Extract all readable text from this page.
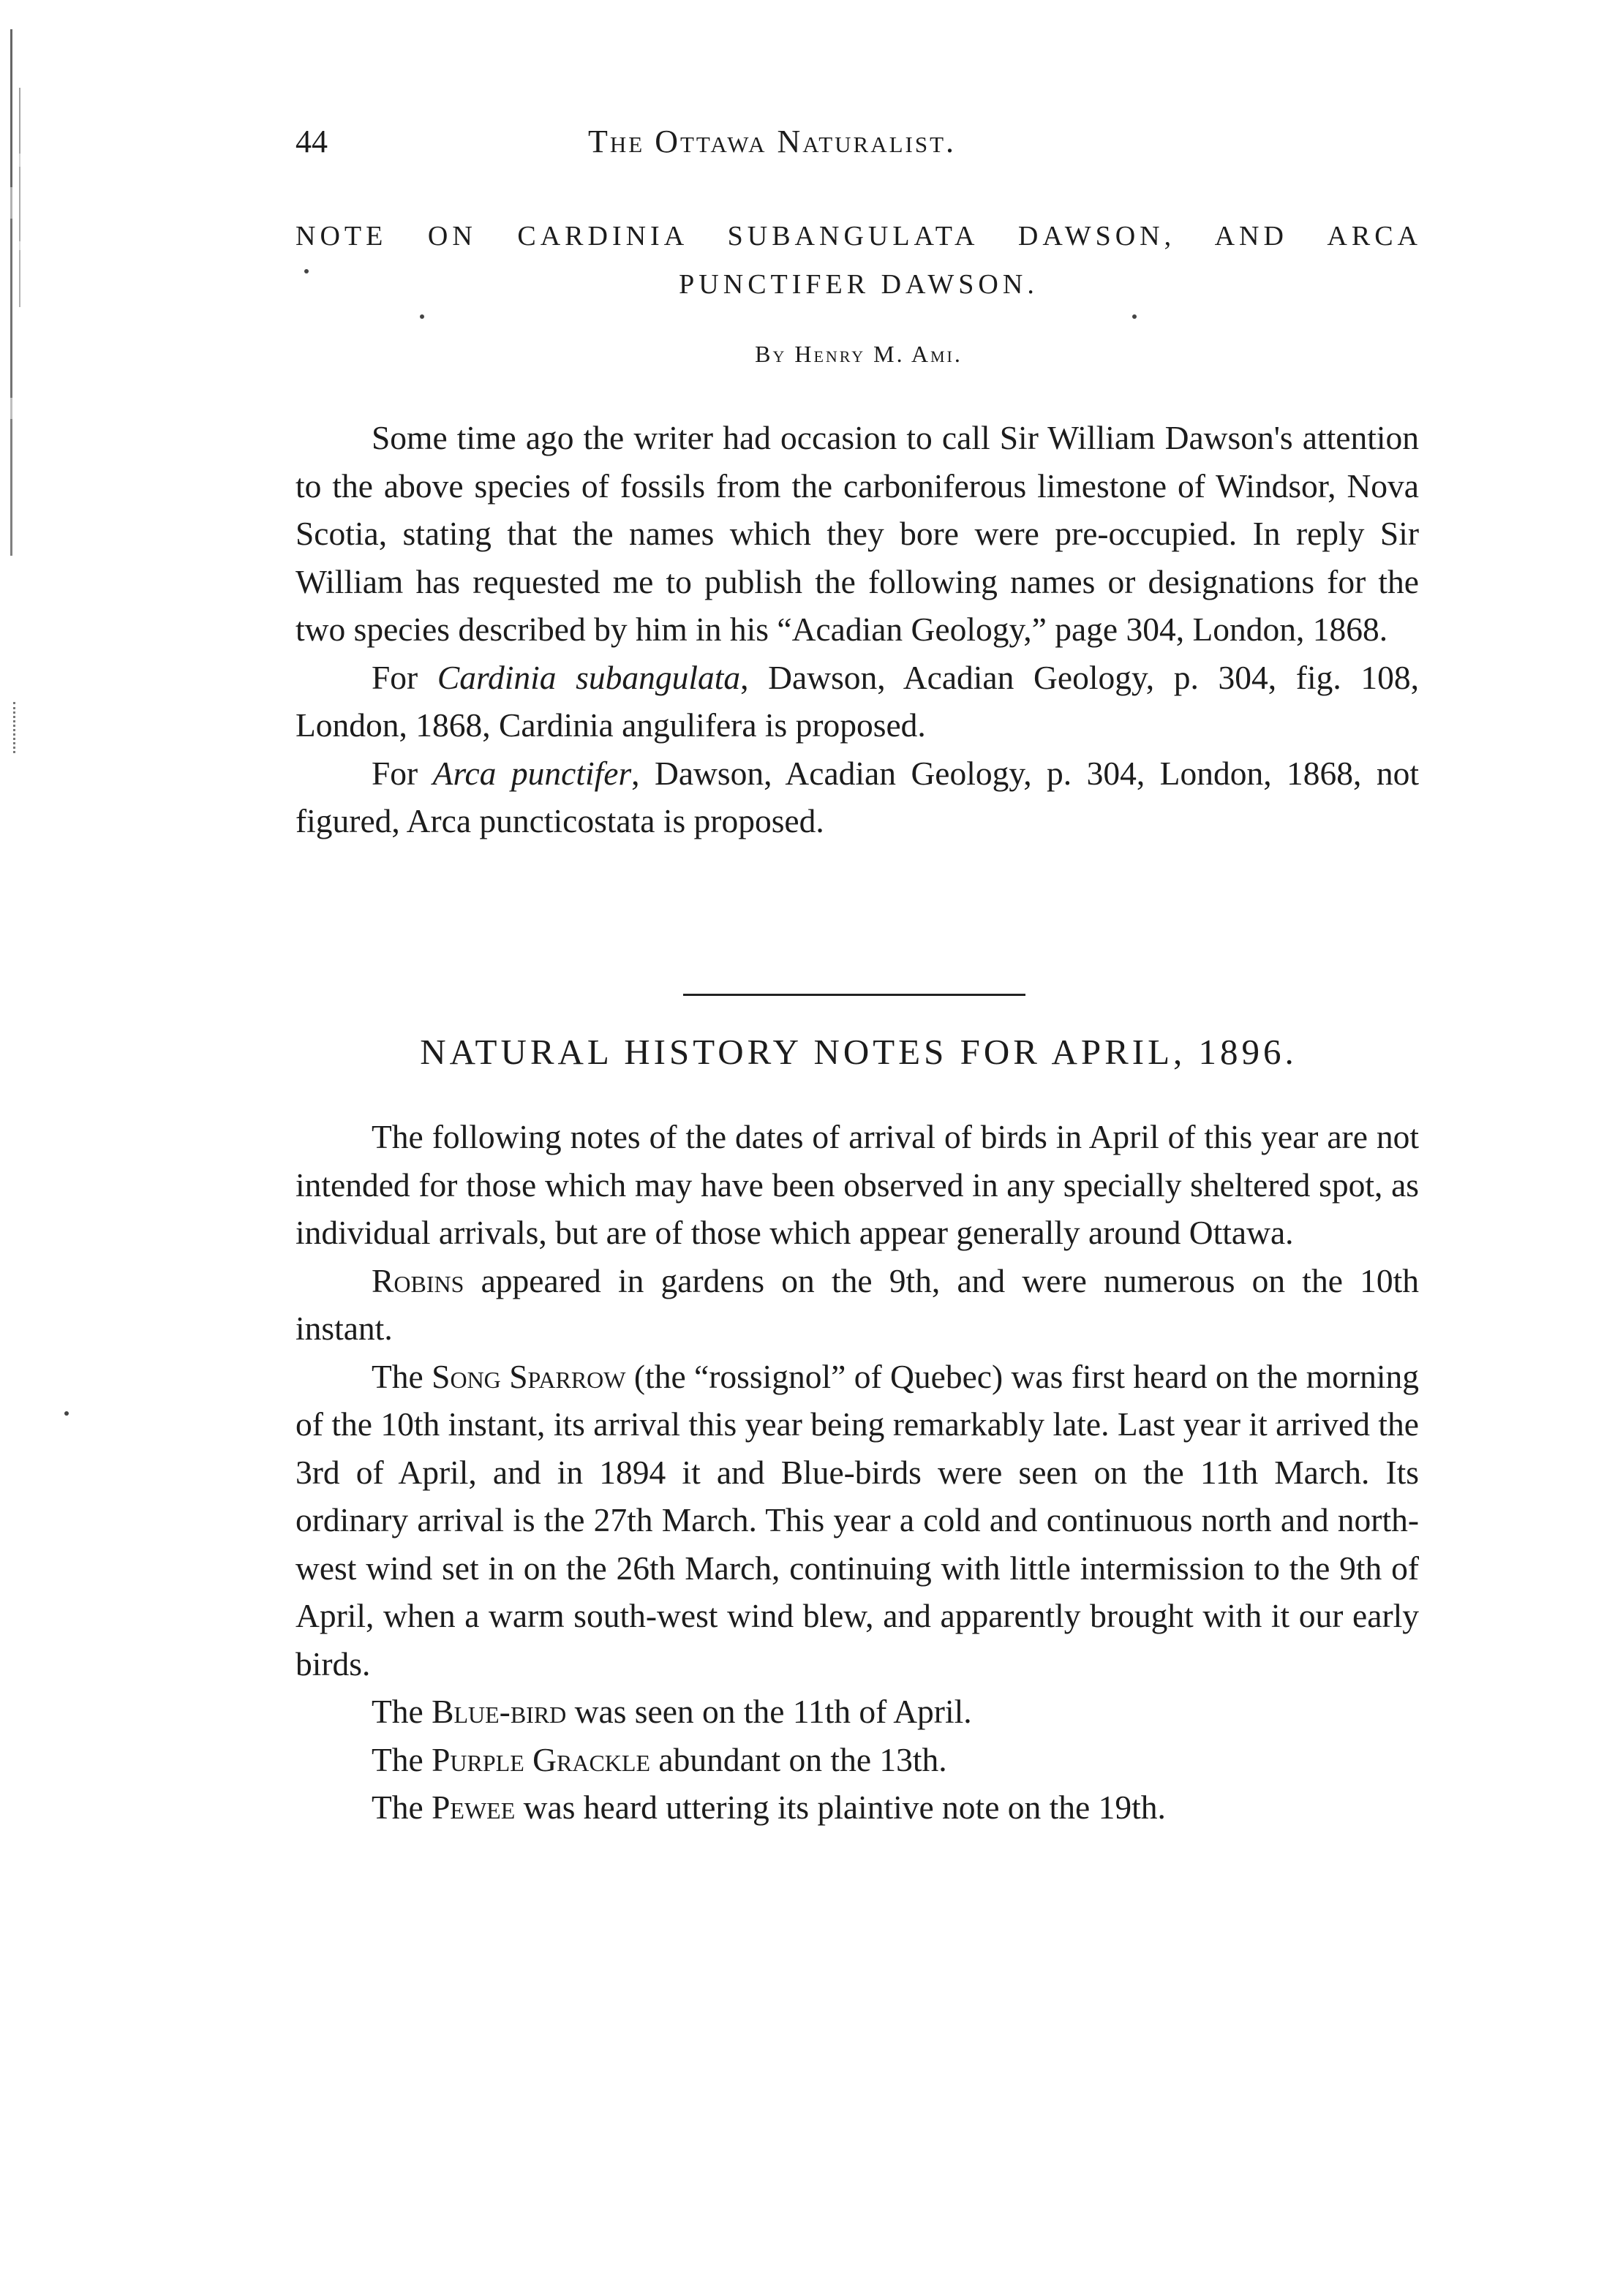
44	The Ottawa Naturalist.
NOTE ON CARDINIA SUBANGULATA DAWSON, AND ARCA PUNCTIFER DAWSON.
By Henry M. Ami.

Some time ago the writer had occasion to call Sir William Dawson's attention to the above species of fossils from the carboniferous limestone of Windsor, Nova Scotia, stating that the names which they bore were pre-occupied. In reply Sir William has requested me to publish the following names or designations for the two species described by him in his “Acadian Geology,” page 304, London, 1868.

For Cardinia subangulata, Dawson, Acadian Geology, p. 304, fig. 108, London, 1868, Cardinia angulifera is proposed.

For Arca punctifer, Dawson, Acadian Geology, p. 304, London, 1868, not figured, Arca puncticostata is proposed.

NATURAL HISTORY NOTES FOR APRIL, 1896.

The following notes of the dates of arrival of birds in April of this year are not intended for those which may have been observed in any specially sheltered spot, as individual arrivals, but are of those which appear generally around Ottawa.

Robins appeared in gardens on the 9th, and were numerous on the 10th instant.

The Song Sparrow (the “rossignol” of Quebec) was first heard on the morning of the 10th instant, its arrival this year being remarkably late. Last year it arrived the 3rd of April, and in 1894 it and Blue-birds were seen on the 11th March. Its ordinary arrival is the 27th March. This year a cold and continuous north and north-west wind set in on the 26th March, continuing with little intermission to the 9th of April, when a warm south-west wind blew, and apparently brought with it our early birds.

The Blue-bird was seen on the 11th of April.

The Purple Grackle abundant on the 13th.

The Pewee was heard uttering its plaintive note on the 19th.
